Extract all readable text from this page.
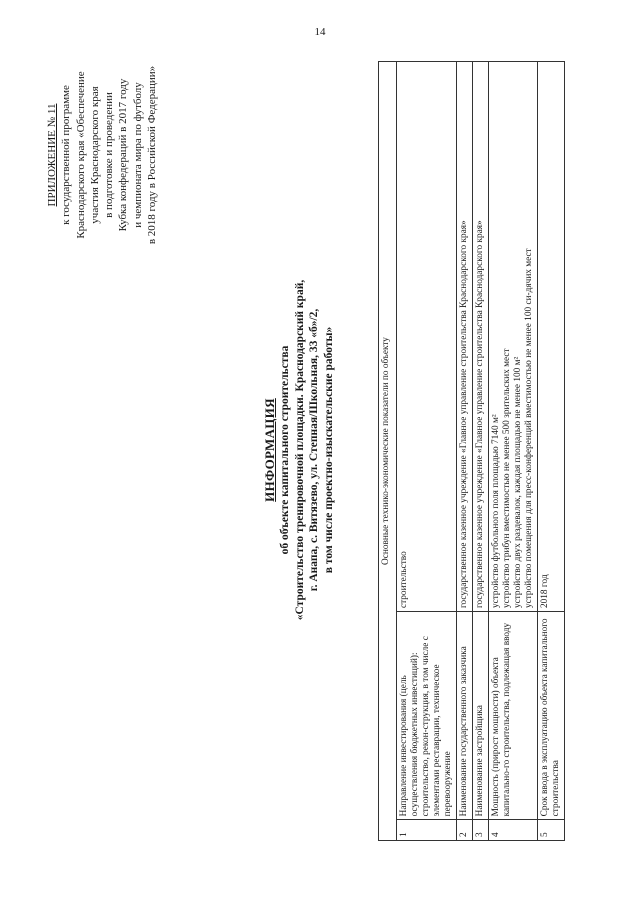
14
ПРИЛОЖЕНИЕ № 11 к государственной программе Краснодарского края «Обеспечение участия Краснодарского края в подготовке и проведении Кубка конфедераций в 2017 году и чемпионата мира по футболу в 2018 году в Российской Федерации»
ИНФОРМАЦИЯ об объекте капитального строительства «Строительство тренировочной площадки. Краснодарский край, г. Анапа, с. Витязево, ул. Степная/Школьная, 33 «б»/2, в том числе проектно-изыскательские работы»	Основные технико-экономические показатели по объекту		
1	Направление инвестирования (цель осуществления бюджетных инвестиций): строительство, рекон-струкция, в том числе с элементами реставрации, техническое перевооружение	строительство
2	Наименование государственного заказчика	государственное казенное учреждение «Главное управление строительства Краснодарского края»
3	Наименование застройщика	государственное казенное учреждение «Главное управление строительства Краснодарского края»
4	Мощность (прирост мощности) объекта капитально-го строительства, подлежащая вводу	устройство футбольного поля площадью 7140 м² устройство трибун вместимостью не менее 500 зрительских мест устройство двух раздевалок, каждая площадью не менее 100 м² устройство помещения для пресс-конференций вместимостью не менее 100 си-дячих мест

5	Срок ввода в эксплуатацию объекта капитального строительства	2018 год
